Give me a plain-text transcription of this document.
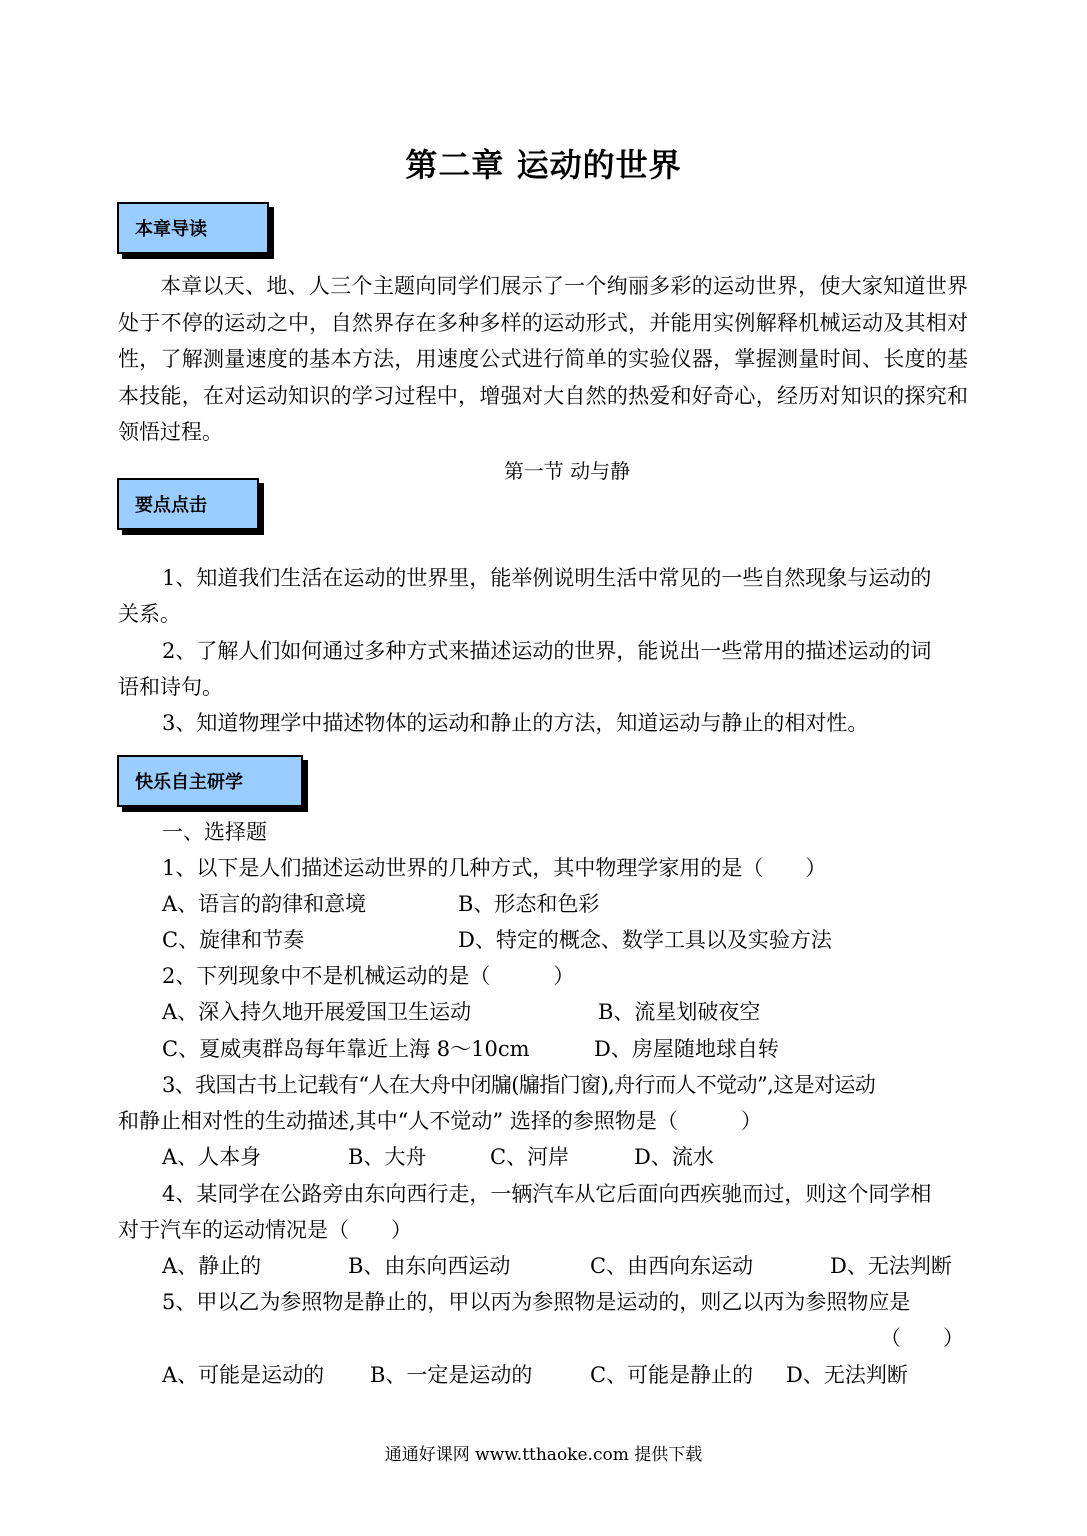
第二章 运动的世界
本章导读
本章以天、地、人三个主题向同学们展示了一个绚丽多彩的运动世界，使大家知道世界处于不停的运动之中，自然界存在多种多样的运动形式，并能用实例解释机械运动及其相对性，了解测量速度的基本方法，用速度公式进行简单的实验仪器，掌握测量时间、长度的基本技能，在对运动知识的学习过程中，增强对大自然的热爱和好奇心，经历对知识的探究和领悟过程。
第一节 动与静
要点点击
1、知道我们生活在运动的世界里，能举例说明生活中常见的一些自然现象与运动的
关系。
2、了解人们如何通过多种方式来描述运动的世界，能说出一些常用的描述运动的词
语和诗句。
3、知道物理学中描述物体的运动和静止的方法，知道运动与静止的相对性。
快乐自主研学
一、选择题
1、以下是人们描述运动世界的几种方式，其中物理学家用的是（　　）
A、语言的韵律和意境	B、形态和色彩
C、旋律和节奏	D、特定的概念、数学工具以及实验方法
2、下列现象中不是机械运动的是（　　　）
A、深入持久地开展爱国卫生运动	B、流星划破夜空
C、夏威夷群岛每年靠近上海 8～10cm	D、房屋随地球自转
3、我国古书上记载有“人在大舟中闭牖(牖指门窗),舟行而人不觉动”,这是对运动
和静止相对性的生动描述,其中“人不觉动” 选择的参照物是（　　　）
A、人本身	B、大舟	C、河岸	D、流水
4、某同学在公路旁由东向西行走，一辆汽车从它后面向西疾驰而过，则这个同学相
对于汽车的运动情况是（　　）
A、静止的	B、由东向西运动	C、由西向东运动	D、无法判断
5、甲以乙为参照物是静止的，甲以丙为参照物是运动的，则乙以丙为参照物应是
（　　）
A、可能是运动的 B、一定是运动的	C、可能是静止的 D、无法判断
通通好课网 www.tthaoke.com 提供下载
